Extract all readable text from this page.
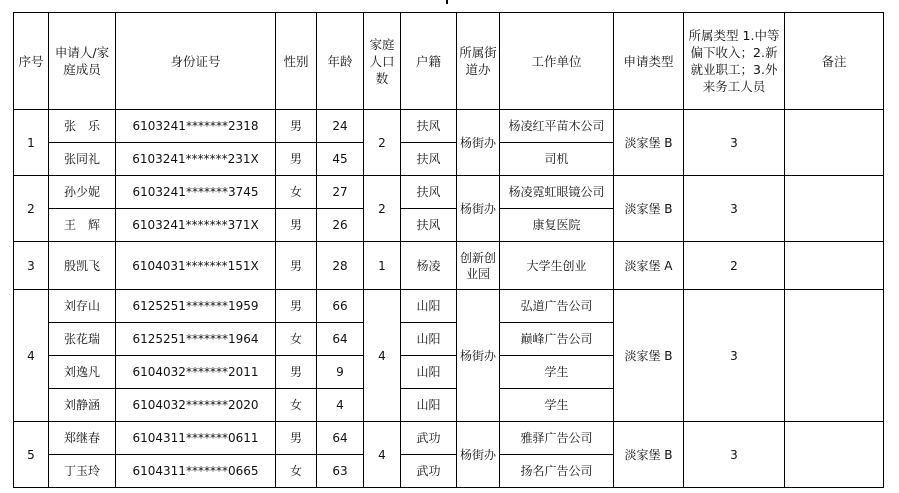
序号	申请人/家庭成员	身份证号	性别	年龄	家庭人口数	户籍	所属街道办	工作单位	申请类型	所属类型 1.中等偏下收入；2.新就业职工；3.外来务工人员	备注
1	张　乐	6103241*******2318	男	24	2	扶风	杨街办	杨凌红平苗木公司	淡家堡 B	3	
	张同礼	6103241*******231X	男	45		扶风		司机			
2	孙少妮	6103241*******3745	女	27	2	扶风	杨街办	杨凌霓虹眼镜公司	淡家堡 B	3	
	王　辉	6103241*******371X	男	26		扶风		康复医院			
3	殷凯飞	6104031*******151X	男	28	1	杨凌	创新创业园	大学生创业	淡家堡 A	2	
4	刘存山	6125251*******1959	男	66	4	山阳	杨街办	弘道广告公司	淡家堡 B	3	
	张花瑞	6125251*******1964	女	64		山阳		巅峰广告公司			
	刘逸凡	6104032*******2011	男	9		山阳		学生			
	刘静涵	6104032*******2020	女	4		山阳		学生			
5	郑继春	6104311*******0611	男	64	4	武功	杨街办	雅驿广告公司	淡家堡 B	3	
	丁玉玲	6104311*******0665	女	63		武功		扬名广告公司			
